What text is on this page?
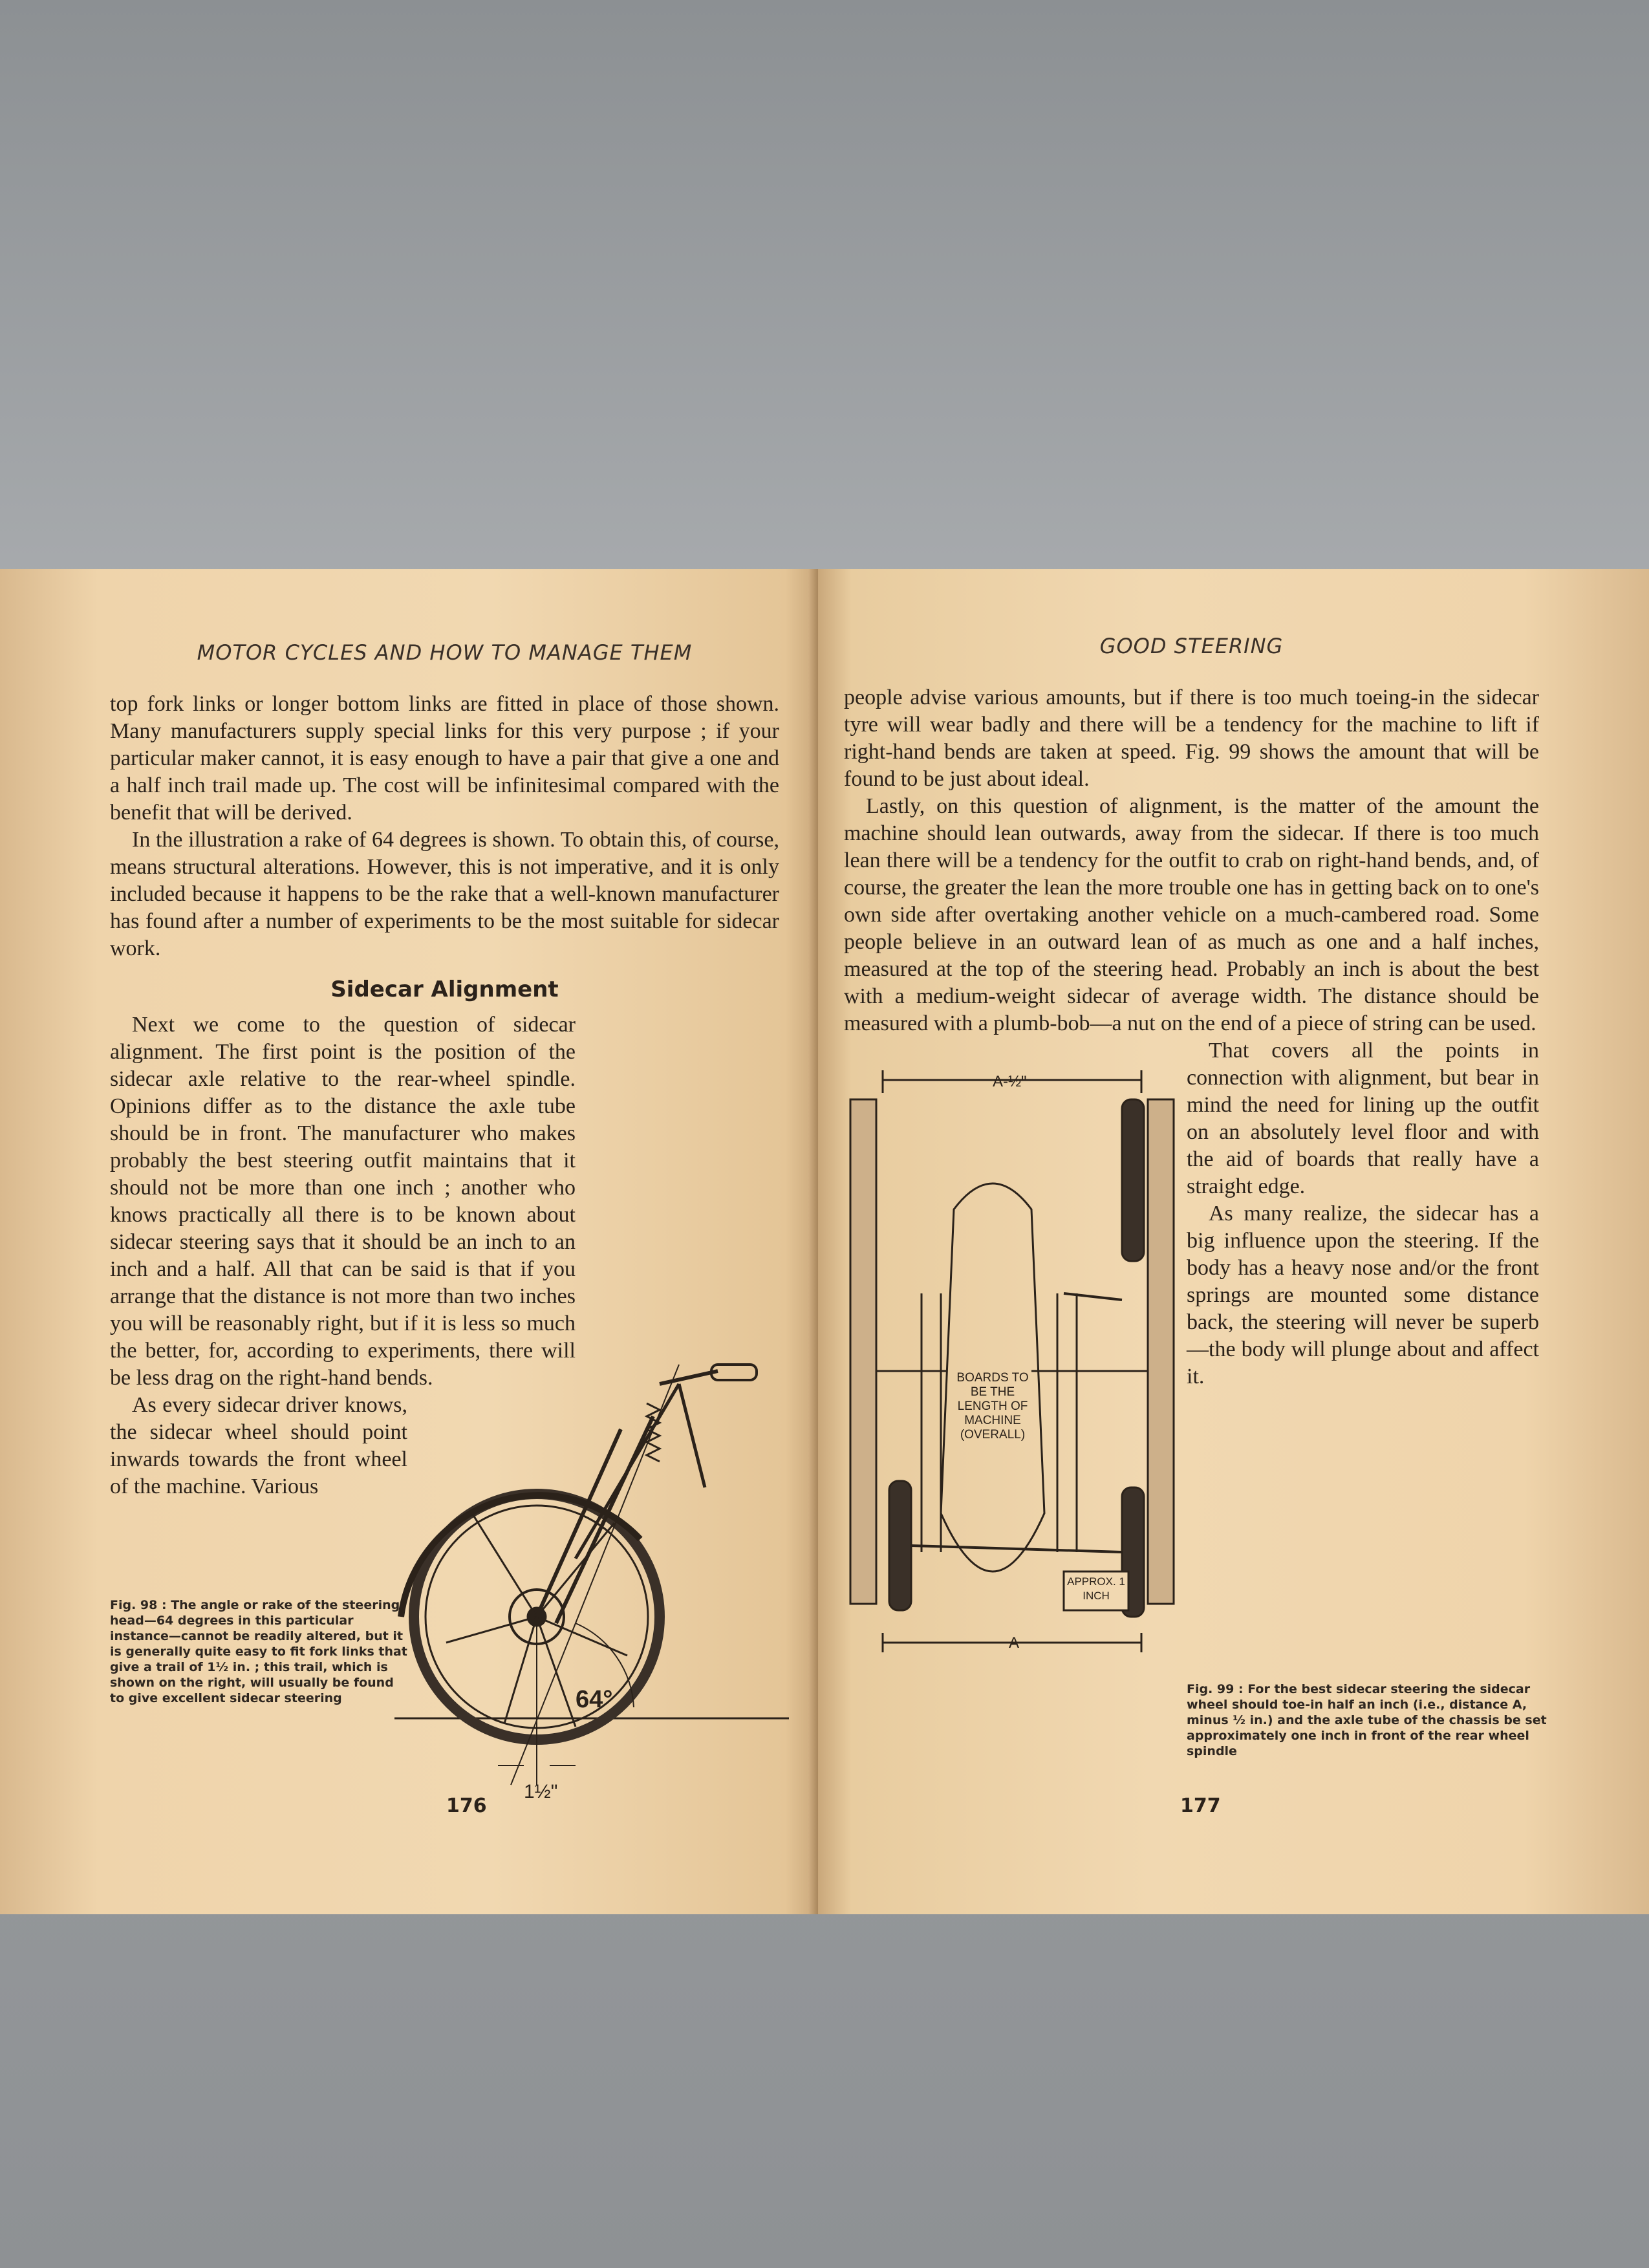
MOTOR CYCLES AND HOW TO MANAGE THEM

top fork links or longer bottom links are fitted in place of those shown. Many manufacturers supply special links for this very purpose ; if your particular maker cannot, it is easy enough to have a pair that give a one and a half inch trail made up. The cost will be infinitesimal compared with the benefit that will be derived.

In the illustration a rake of 64 degrees is shown. To obtain this, of course, means structural alterations. However, this is not imperative, and it is only included because it happens to be the rake that a well-known manufacturer has found after a number of experiments to be the most suitable for sidecar work.

Sidecar Alignment

Next we come to the question of sidecar alignment. The first point is the position of the sidecar axle relative to the rear-wheel spindle. Opinions differ as to the distance the axle tube should be in front. The manufacturer who makes probably the best steering outfit maintains that it should not be more than one inch ; another who knows practically all there is to be known about sidecar steering says that it should be an inch to an inch and a half. All that can be said is that if you arrange that the distance is not more than two inches you will be reasonably right, but if it is less so much the better, for, according to experiments, there will be less drag on the right-hand bends.

As every sidecar driver knows, the sidecar wheel should point inwards towards the front wheel of the machine. Various

176
64°
1½"
Fig. 98 : The angle or rake of the steering head—64 degrees in this particular instance—cannot be readily altered, but it is generally quite easy to fit fork links that give a trail of 1½ in. ; this trail, which is shown on the right, will usually be found to give excellent sidecar steering
GOOD STEERING

people advise various amounts, but if there is too much toeing-in the sidecar tyre will wear badly and there will be a tendency for the machine to lift if right-hand bends are taken at speed. Fig. 99 shows the amount that will be found to be just about ideal.

Lastly, on this question of alignment, is the matter of the amount the machine should lean outwards, away from the sidecar. If there is too much lean there will be a tendency for the outfit to crab on right-hand bends, and, of course, the greater the lean the more trouble one has in getting back on to one's own side after overtaking another vehicle on a much-cambered road. Some people believe in an outward lean of as much as one and a half inches, measured at the top of the steering head. Probably an inch is about the best with a medium-weight sidecar of average width. The distance should be measured with a plumb-bob—a nut on the end of a piece of string can be used.

That covers all the points in connection with alignment, but bear in mind the need for lining up the outfit on an absolutely level floor and with the aid of boards that really have a straight edge.

As many realize, the sidecar has a big influence upon the steering. If the body has a heavy nose and/or the front springs are mounted some distance back, the steering will never be superb—the body will plunge about and affect it.

A-½"
A
BOARDS TO BE THE LENGTH OF MACHINE (OVERALL)
APPROX. 1 INCH
Fig. 99 : For the best sidecar steering the sidecar wheel should toe-in half an inch (i.e., distance A, minus ½ in.) and the axle tube of the chassis be set approximately one inch in front of the rear wheel spindle
177
